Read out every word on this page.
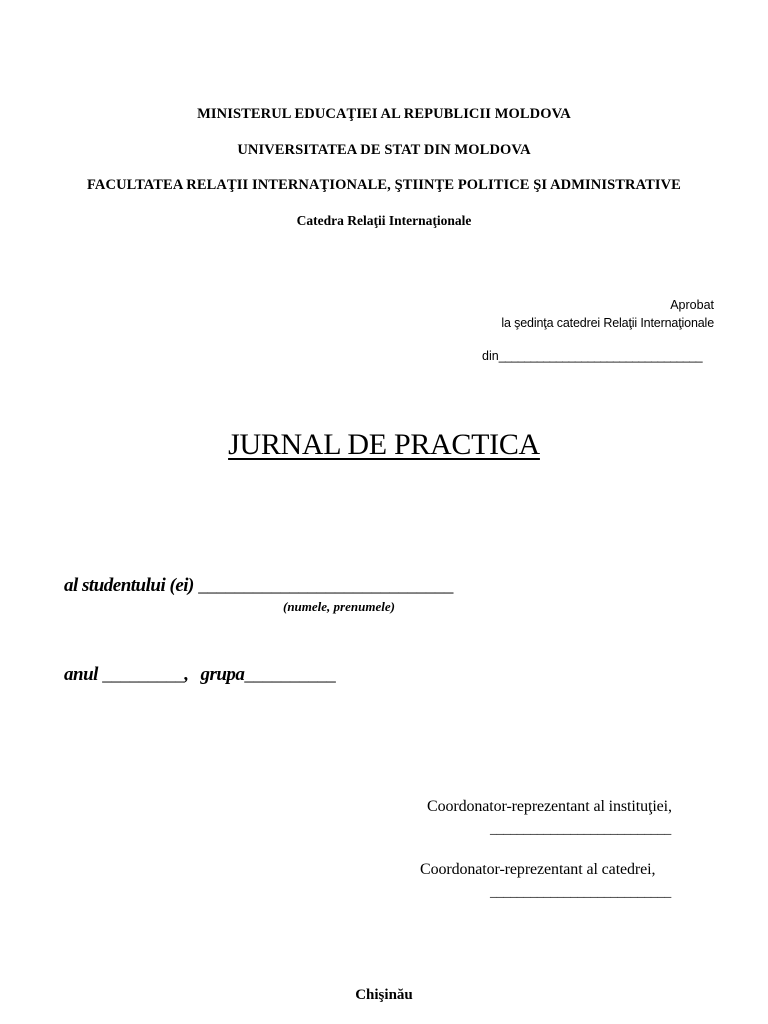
MINISTERUL EDUCAŢIEI AL REPUBLICII MOLDOVA
UNIVERSITATEA DE STAT DIN MOLDOVA
FACULTATEA RELAŢII INTERNAŢIONALE, ŞTIINŢE POLITICE ŞI ADMINISTRATIVE
Catedra Relaţii Internaţionale
Aprobat
la şedinţa catedrei Relaţii Internaţionale
din________________________________
JURNAL DE PRACTICA
al studentului (ei) ____________________________
(numele, prenumele)
anul _________, grupa__________
Coordonator-reprezentant al instituţiei,
___________________________
Coordonator-reprezentant al catedrei,
___________________________
Chişinău
